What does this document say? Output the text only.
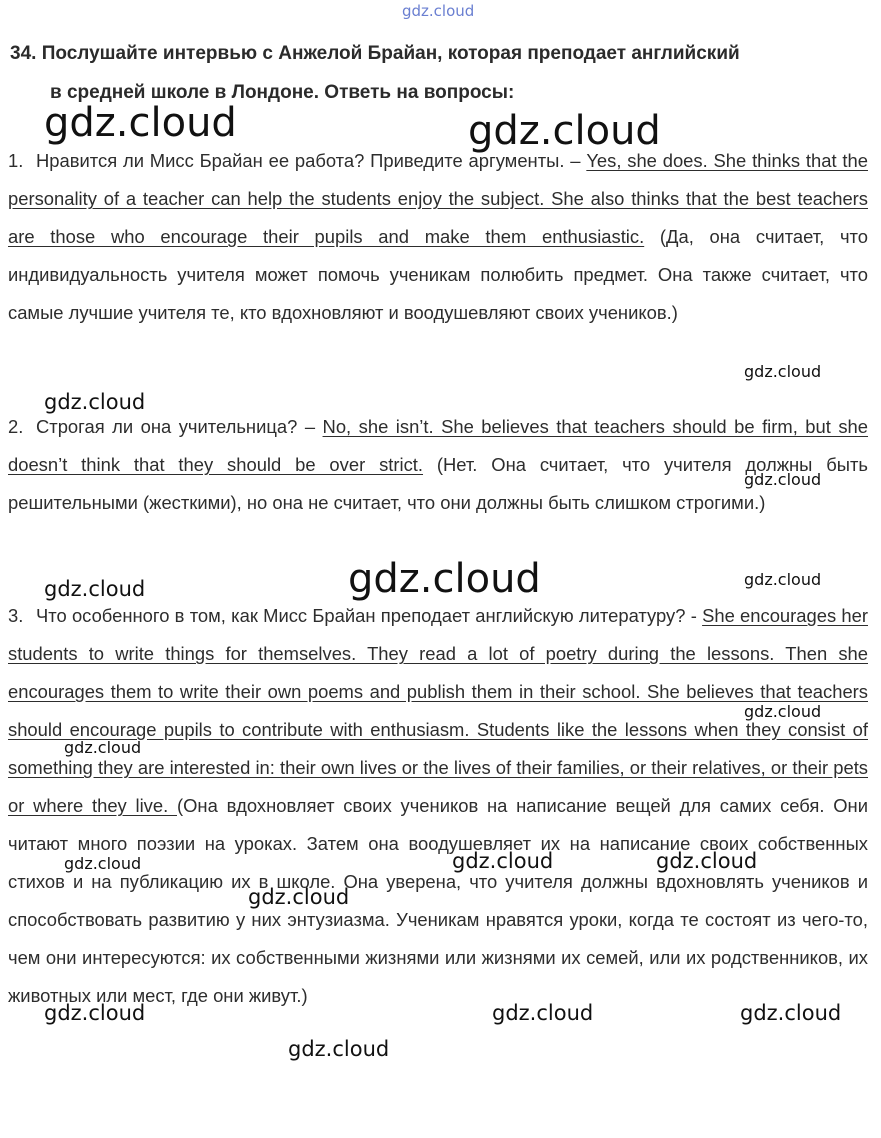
gdz.cloud
34. Послушайте интервью с Анжелой Брайан, которая преподает английский
в средней школе в Лондоне. Ответь на вопросы:
1. Нравится ли Мисс Брайан ее работа? Приведите аргументы. – Yes, she does. She thinks that the personality of a teacher can help the students enjoy the subject. She also thinks that the best teachers are those who encourage their pupils and make them enthusiastic. (Да, она считает, что индивидуальность учителя может помочь ученикам полюбить предмет. Она также считает, что самые лучшие учителя те, кто вдохновляют и воодушевляют своих учеников.)
2. Строгая ли она учительница? – No, she isn’t. She believes that teachers should be firm, but she doesn’t think that they should be over strict. (Нет. Она считает, что учителя должны быть решительными (жесткими), но она не считает, что они должны быть слишком строгими.)
3. Что особенного в том, как Мисс Брайан преподает английскую литературу? - She encourages her students to write things for themselves. They read a lot of poetry during the lessons. Then she encourages them to write their own poems and publish them in their school. She believes that teachers should encourage pupils to contribute with enthusiasm. Students like the lessons when they consist of something they are interested in: their own lives or the lives of their families, or their relatives, or their pets or where they live. (Она вдохновляет своих учеников на написание вещей для самих себя. Они читают много поэзии на уроках. Затем она воодушевляет их на написание своих собственных стихов и на публикацию их в школе. Она уверена, что учителя должны вдохновлять учеников и способствовать развитию у них энтузиазма. Ученикам нравятся уроки, когда те состоят из чего-то, чем они интересуются: их собственными жизнями или жизнями их семей, или их родственников, их животных или мест, где они живут.)
gdz.cloud	gdz.cloud
gdz.cloud
gdz.cloud
gdz.cloud
gdz.cloud
gdz.cloud	gdz.cloud
gdz.cloud
gdz.cloud
gdz.cloud	gdz.cloud	gdz.cloud
gdz.cloud
gdz.cloud	gdz.cloud	gdz.cloud
gdz.cloud
